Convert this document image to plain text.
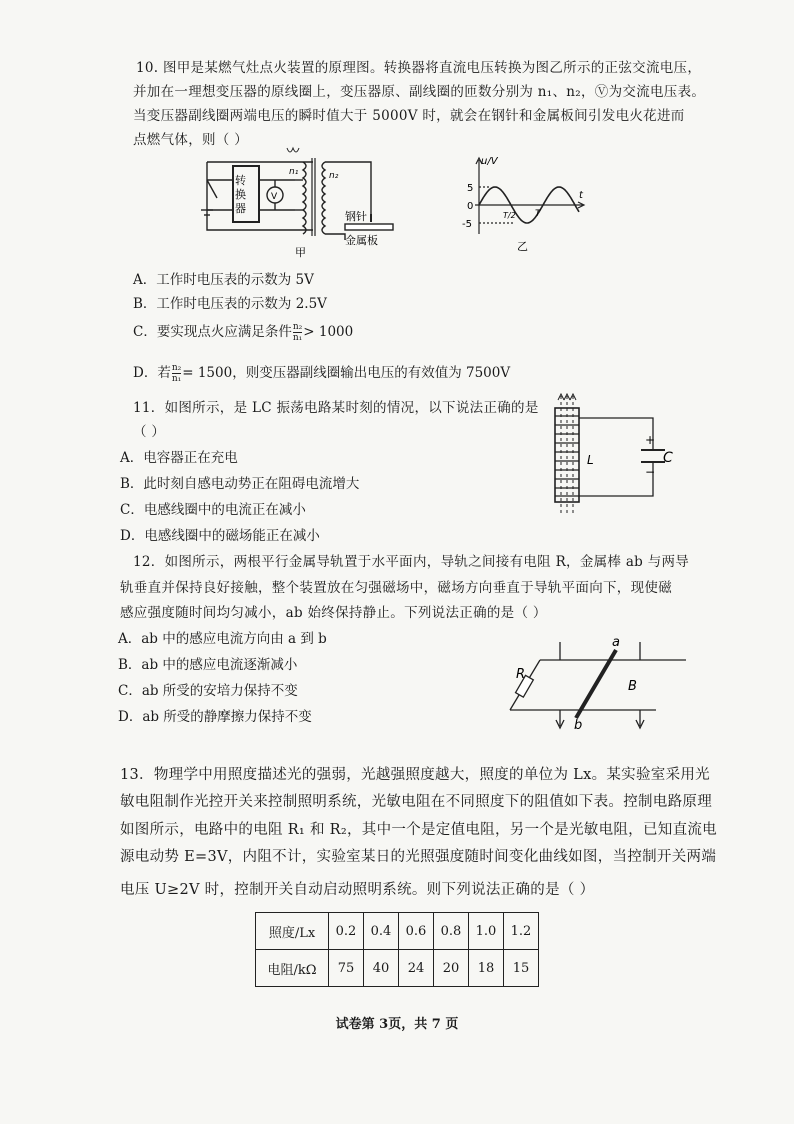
10. 图甲是某燃气灶点火装置的原理图。转换器将直流电压转换为图乙所示的正弦交流电压，
并加在一理想变压器的原线圈上，变压器原、副线圈的匝数分别为 n₁、n₂，Ⓥ为交流电压表。
当变压器副线圈两端电压的瞬时值大于 5000V 时，就会在钢针和金属板间引发电火花进而
点燃气体，则（ ）
转
换
器
V
n₁	n₂
钢针
金属板
甲
u/V
t
5
0
-5
T/2 T
乙
A．工作时电压表的示数为 5V
B．工作时电压表的示数为 2.5V
C．要实现点火应满足条件 $\frac{\text{n₂}}{\text{n₁}} > 1000$
D．若 $\frac{\text{n₂}}{\text{n₁}} = 1500$，则变压器副线圈输出电压的有效值为 7500V
11．如图所示，是 LC 振荡电路某时刻的情况，以下说法正确的是
（ ）
A．电容器正在充电
B．此时刻自感电动势正在阻碍电流增大
C．电感线圈中的电流正在减小
D．电感线圈中的磁场能正在减小
L
+
−
C
12．如图所示，两根平行金属导轨置于水平面内，导轨之间接有电阻 R，金属棒 ab 与两导
轨垂直并保持良好接触，整个装置放在匀强磁场中，磁场方向垂直于导轨平面向下，现使磁
感应强度随时间均匀减小，ab 始终保持静止。下列说法正确的是（ ）
A．ab 中的感应电流方向由 a 到 b
B．ab 中的感应电流逐渐减小
C．ab 所受的安培力保持不变
D．ab 所受的静摩擦力保持不变
R
a
b
B
13．物理学中用照度描述光的强弱，光越强照度越大，照度的单位为 Lx。某实验室采用光
敏电阻制作光控开关来控制照明系统，光敏电阻在不同照度下的阻值如下表。控制电路原理
如图所示，电路中的电阻 R₁ 和 R₂，其中一个是定值电阻，另一个是光敏电阻，已知直流电
源电动势 E=3V，内阻不计，实验室某日的光照强度随时间变化曲线如图，当控制开关两端
电压 U≥2V 时，控制开关自动启动照明系统。则下列说法正确的是（ ）
照度/Lx	0.2	0.4	0.6	0.8	1.0	1.2
电阻/kΩ	75	40	24	20	18	15
试卷第 3页，共 7 页
